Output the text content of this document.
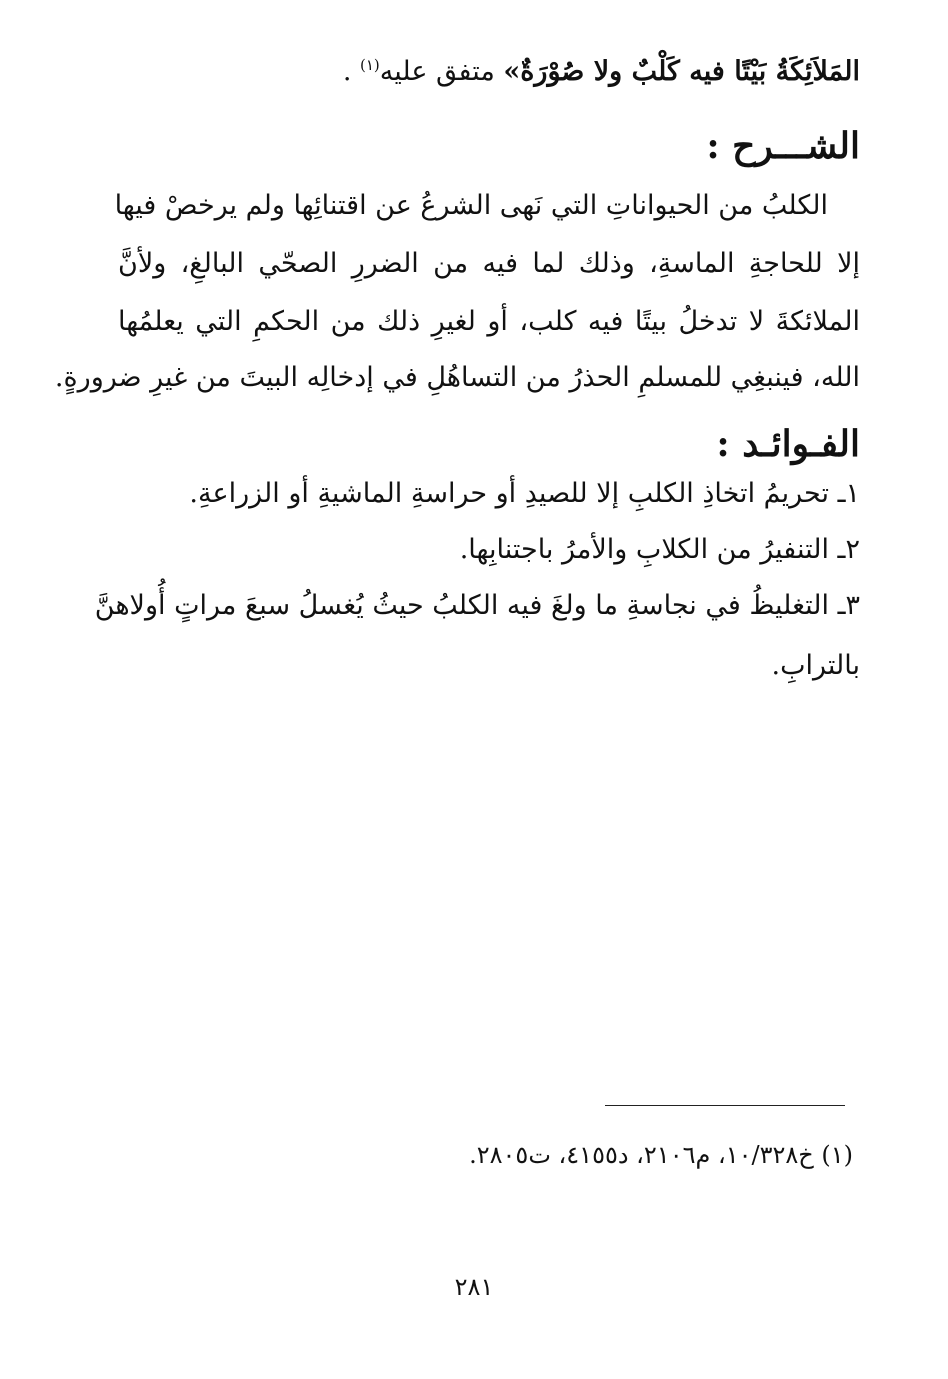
المَلاَئِكَةُ بَيْتًا فيه كَلْبٌ ولا صُوْرَةٌ» متفق عليه$^{(١)}$ .
الشـــرح :
الكلبُ من الحيواناتِ التي نَهى الشرعُ عن اقتنائِها ولم يرخصْ فيها
إلا للحاجةِ الماسةِ، وذلك لما فيه من الضررِ الصحّي البالغِ، ولأنَّ
الملائكةَ لا تدخلُ بيتًا فيه كلب، أو لغيرِ ذلك من الحكمِ التي يعلمُها
الله، فينبغِي للمسلمِ الحذرُ من التساهُلِ في إدخالِه البيتَ من غيرِ ضرورةٍ.
الفـوائـد :
١ـ تحريمُ اتخاذِ الكلبِ إلا للصيدِ أو حراسةِ الماشيةِ أو الزراعةِ.
٢ـ التنفيرُ من الكلابِ والأمرُ باجتنابِها.
٣ـ التغليظُ في نجاسةِ ما ولغَ فيه الكلبُ حيثُ يُغسلُ سبعَ مراتٍ أُولاهنَّ
بالترابِ.
(١) خ١٠/٣٢٨، م٢١٠٦، د٤١٥٥، ت٢٨٠٥.
٢٨١
